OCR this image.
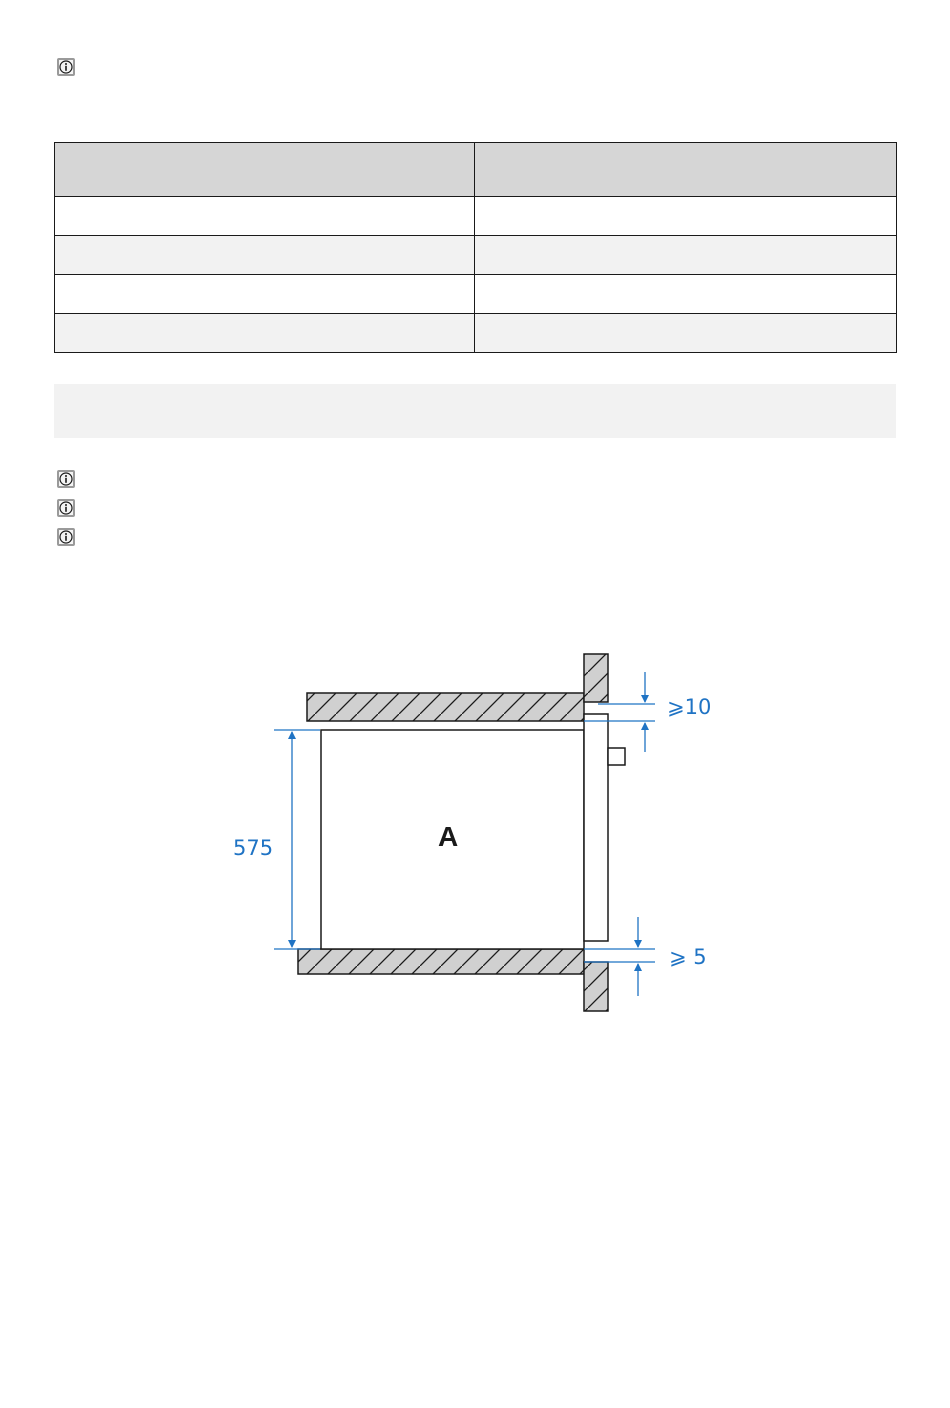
A
575
⩾10
⩾ 5
